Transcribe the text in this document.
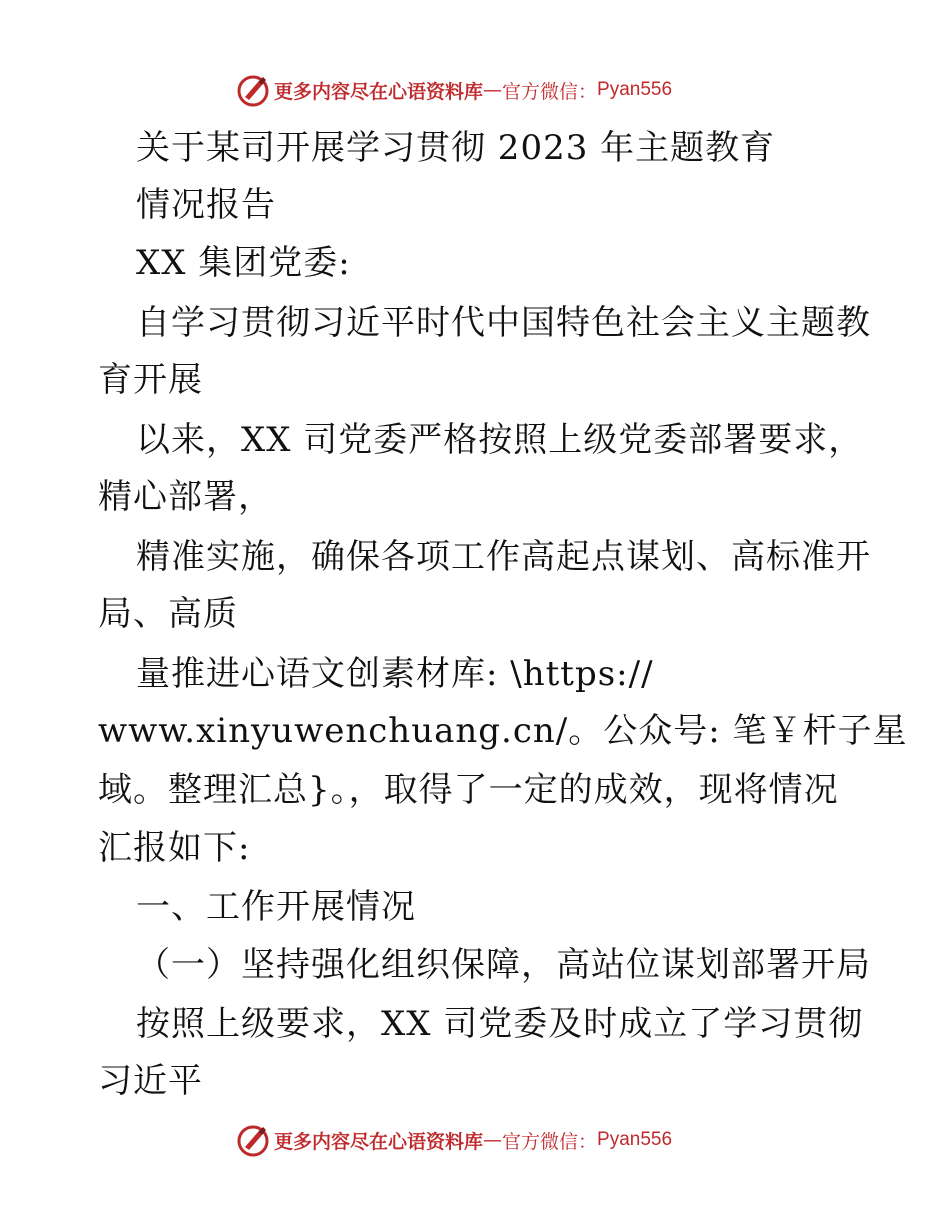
更多内容尽在心语资料库 — 官方微信： Pyan556
关于某司开展学习贯彻 2023 年主题教育
情况报告
XX 集团党委:
自学习贯彻习近平时代中国特色社会主义主题教
育开展
以来，XX 司党委严格按照上级党委部署要求，
精心部署，
精准实施，确保各项工作高起点谋划、高标准开
局、高质
量推进心语文创素材库: \https://
www.xinyuwenchuang.cn/。公众号: 笔￥杆子星
域。整理汇总}。，取得了一定的成效，现将情况
汇报如下:
一、工作开展情况
（一）坚持强化组织保障，高站位谋划部署开局
按照上级要求，XX 司党委及时成立了学习贯彻
习近平
更多内容尽在心语资料库 — 官方微信： Pyan556
